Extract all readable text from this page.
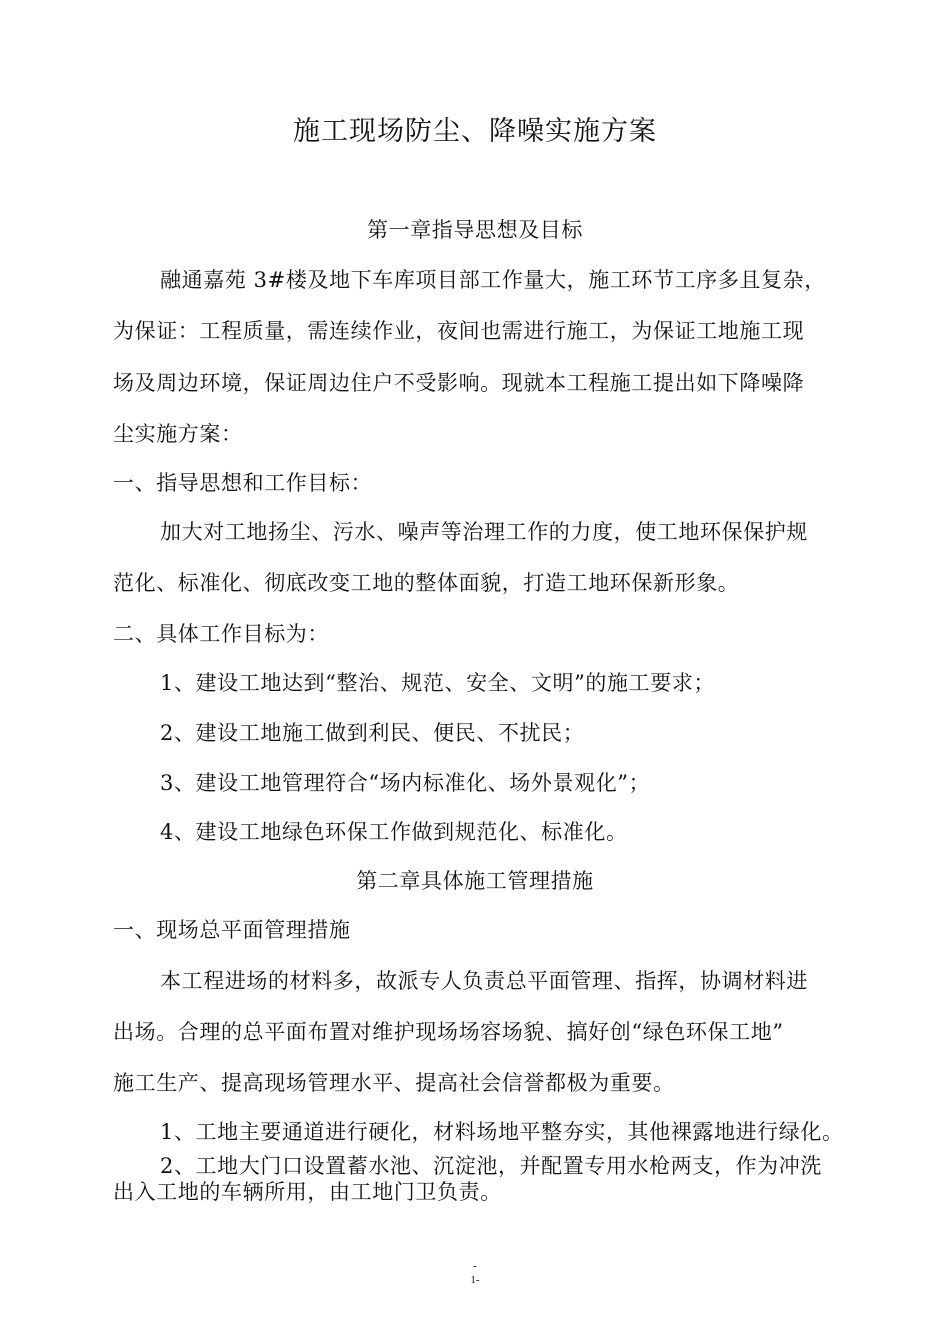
施工现场防尘、降噪实施方案
第一章指导思想及目标
融通嘉苑 3#楼及地下车库项目部工作量大，施工环节工序多且复杂，
为保证：工程质量，需连续作业，夜间也需进行施工，为保证工地施工现
场及周边环境，保证周边住户不受影响。现就本工程施工提出如下降噪降
尘实施方案：
一、指导思想和工作目标：
加大对工地扬尘、污水、噪声等治理工作的力度，使工地环保保护规
范化、标准化、彻底改变工地的整体面貌，打造工地环保新形象。
二、具体工作目标为：
1、建设工地达到“整治、规范、安全、文明”的施工要求；
2、建设工地施工做到利民、便民、不扰民；
3、建设工地管理符合“场内标准化、场外景观化”；
4、建设工地绿色环保工作做到规范化、标准化。
第二章具体施工管理措施
一、现场总平面管理措施
本工程进场的材料多，故派专人负责总平面管理、指挥，协调材料进
出场。合理的总平面布置对维护现场场容场貌、搞好创“绿色环保工地”
施工生产、提高现场管理水平、提高社会信誉都极为重要。
1、工地主要通道进行硬化，材料场地平整夯实，其他裸露地进行绿化。
2、工地大门口设置蓄水池、沉淀池，并配置专用水枪两支，作为冲洗
出入工地的车辆所用，由工地门卫负责。
-
1-
